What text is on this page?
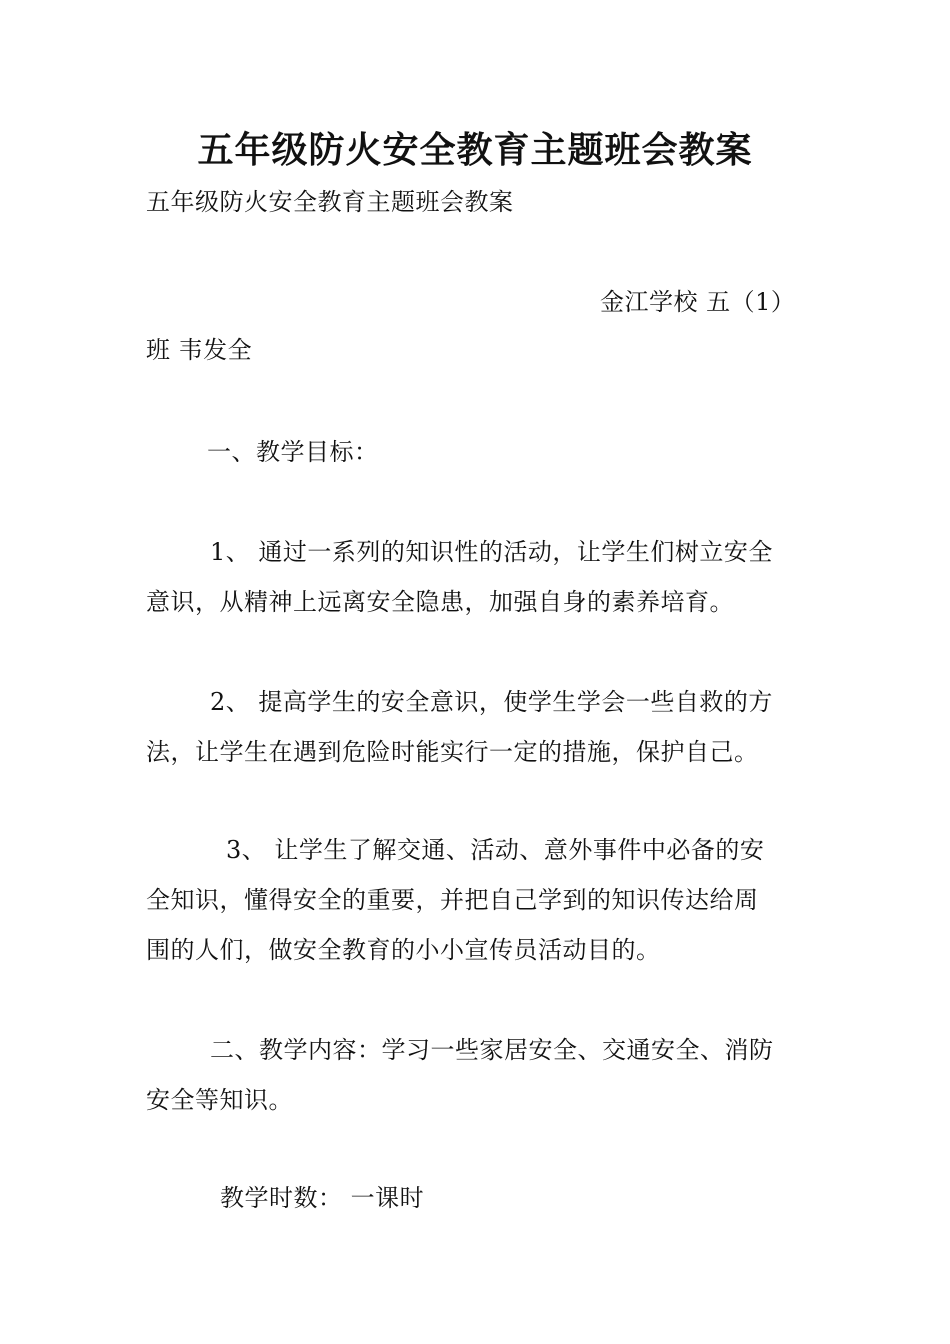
五年级防火安全教育主题班会教案
五年级防火安全教育主题班会教案
金江学校 五（1）
班 韦发全
一、教学目标：
1、 通过一系列的知识性的活动，让学生们树立安全
意识，从精神上远离安全隐患，加强自身的素养培育。
2、 提高学生的安全意识，使学生学会一些自救的方
法，让学生在遇到危险时能实行一定的措施，保护自己。
3、 让学生了解交通、活动、意外事件中必备的安
全知识，懂得安全的重要，并把自己学到的知识传达给周
围的人们，做安全教育的小小宣传员活动目的。
二、教学内容：学习一些家居安全、交通安全、消防
安全等知识。
教学时数： 一课时
